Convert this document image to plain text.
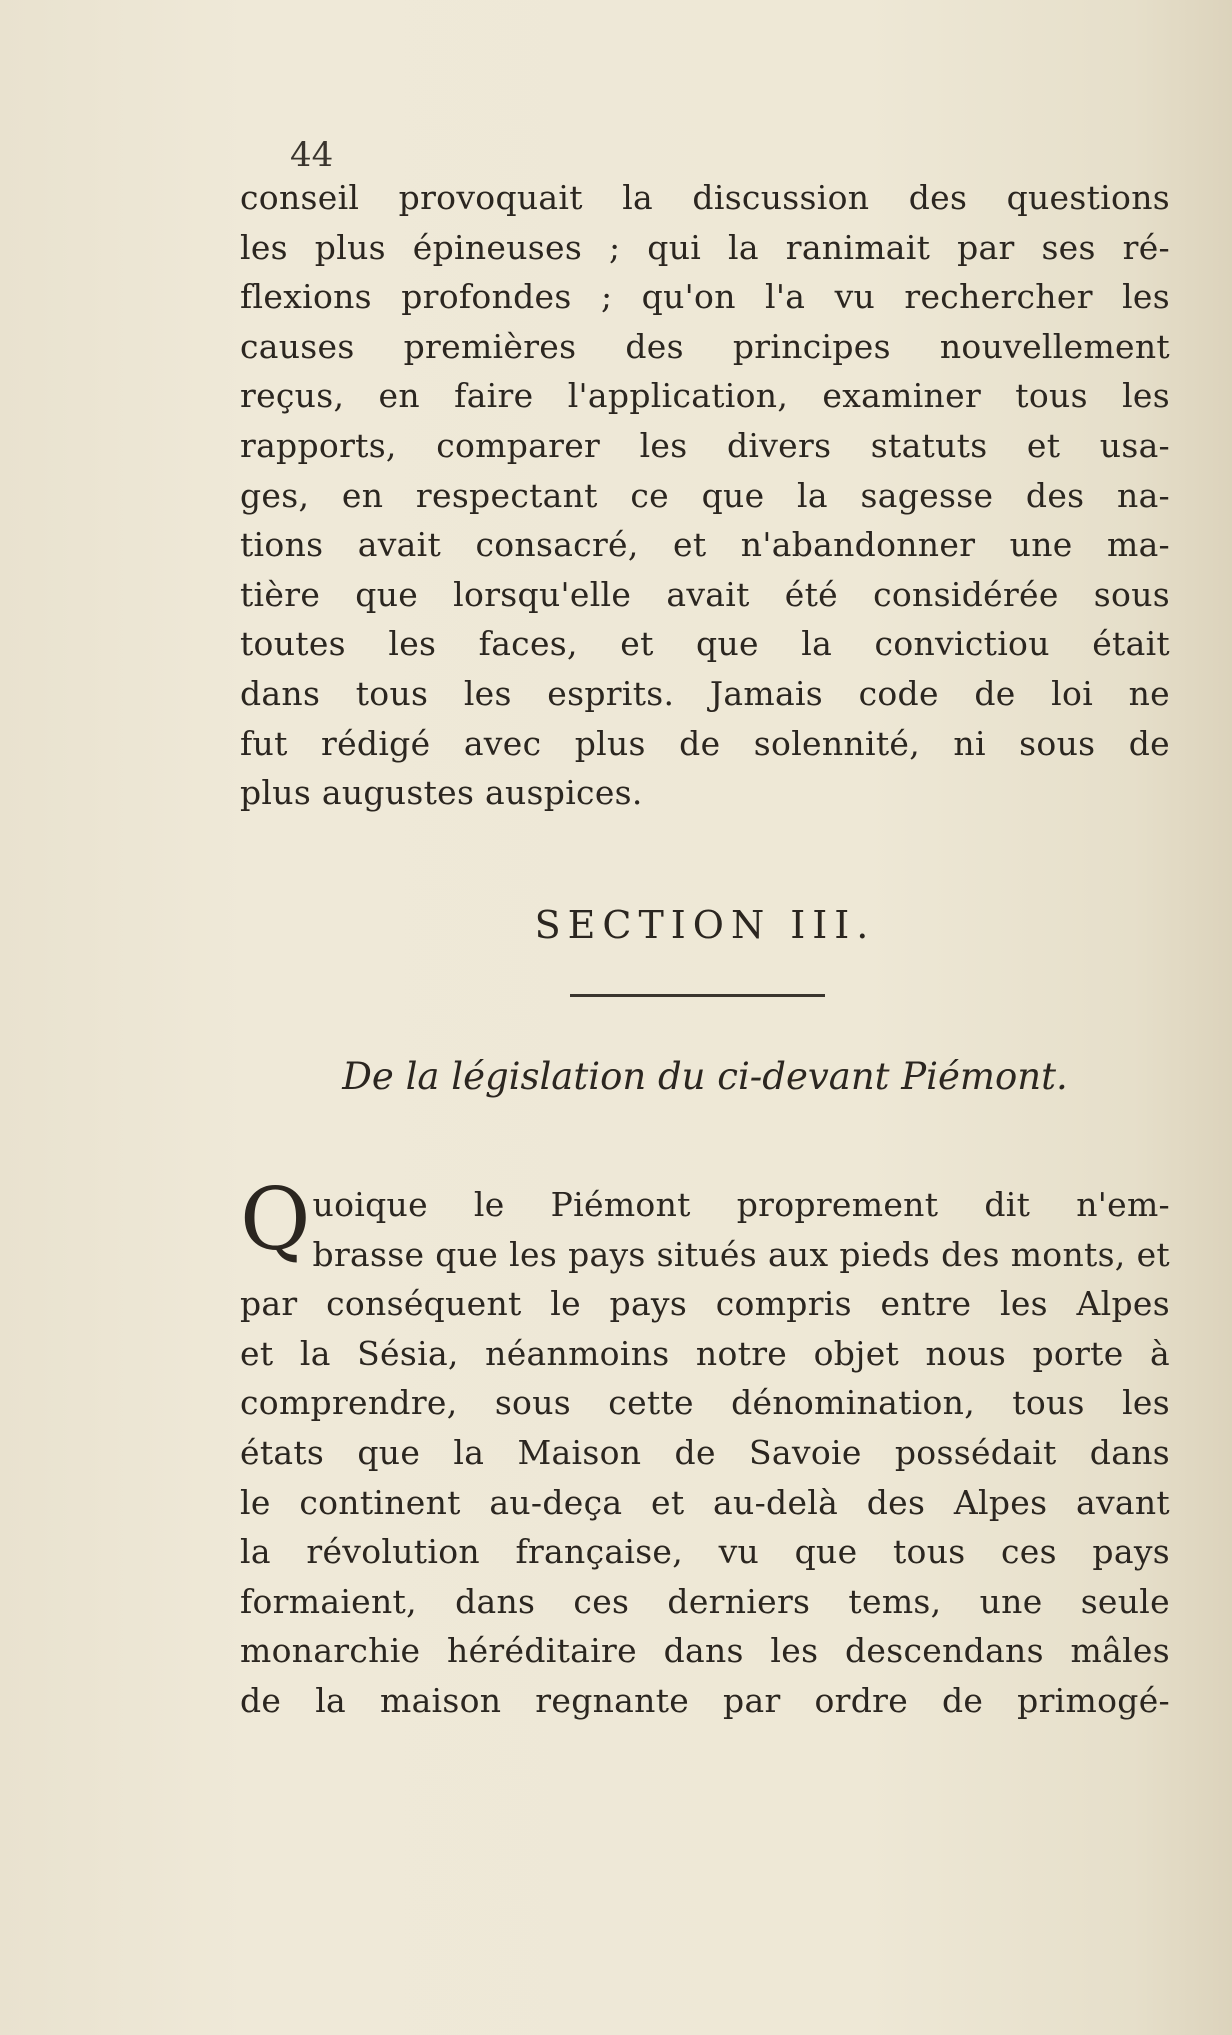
44
conseil provoquait la discussion des questions
les plus épineuses ; qui la ranimait par ses ré-
flexions profondes ; qu'on l'a vu rechercher les
causes premières des principes nouvellement
reçus, en faire l'application, examiner tous les
rapports, comparer les divers statuts et usa-
ges, en respectant ce que la sagesse des na-
tions avait consacré, et n'abandonner une ma-
tière que lorsqu'elle avait été considérée sous
toutes les faces, et que la convictiou était
dans tous les esprits. Jamais code de loi ne
fut rédigé avec plus de solennité, ni sous de
plus augustes auspices.
SECTION III.
De la législation du ci-devant Piémont.
Q uoique le Piémont proprement dit n'em-
brasse que les pays situés aux pieds des monts, et
par conséquent le pays compris entre les Alpes
et la Sésia, néanmoins notre objet nous porte à
comprendre, sous cette dénomination, tous les
états que la Maison de Savoie possédait dans
le continent au-deça et au-delà des Alpes avant
la révolution française, vu que tous ces pays
formaient, dans ces derniers tems, une seule
monarchie héréditaire dans les descendans mâles
de la maison regnante par ordre de primogé-
